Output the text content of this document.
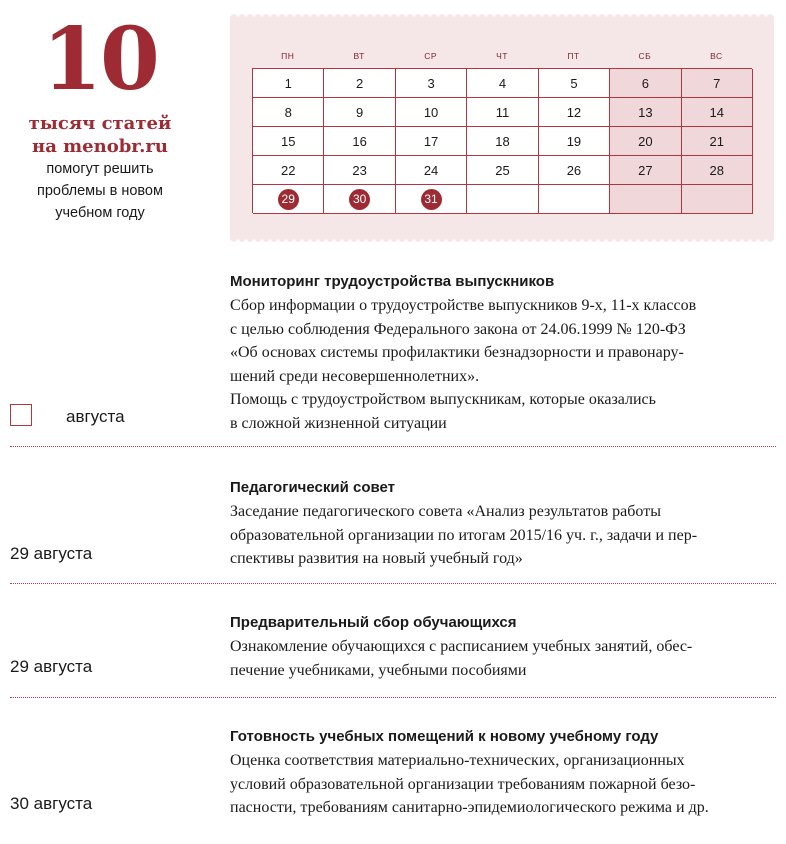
10
тысяч статей
на menobr.ru
помогут решить
проблемы в новом
учебном году
ПН	ВТ	СР	ЧТ	ПТ	СБ	ВС
1	2	3	4	5	6	7
8	9	10	11	12	13	14
15	16	17	18	19	20	21
22	23	24	25	26	27	28
29	30	31
Мониторинг трудоустройства выпускников
Сбор информации о трудоустройстве выпускников 9-х, 11-х классов
с целью соблюдения Федерального закона от 24.06.1999 № 120-ФЗ
«Об основах системы профилактики безнадзорности и правонару-
шений среди несовершеннолетних».
Помощь с трудоустройством выпускникам, которые оказались
в сложной жизненной ситуации
августа
Педагогический совет
Заседание педагогического совета «Анализ результатов работы
образовательной организации по итогам 2015/16 уч. г., задачи и пер-
спективы развития на новый учебный год»
29 августа
Предварительный сбор обучающихся
Ознакомление обучающихся с расписанием учебных занятий, обес-
печение учебниками, учебными пособиями
29 августа
Готовность учебных помещений к новому учебному году
Оценка соответствия материально-технических, организационных
условий образовательной организации требованиям пожарной безо-
пасности, требованиям санитарно-эпидемиологического режима и др.
30 августа
